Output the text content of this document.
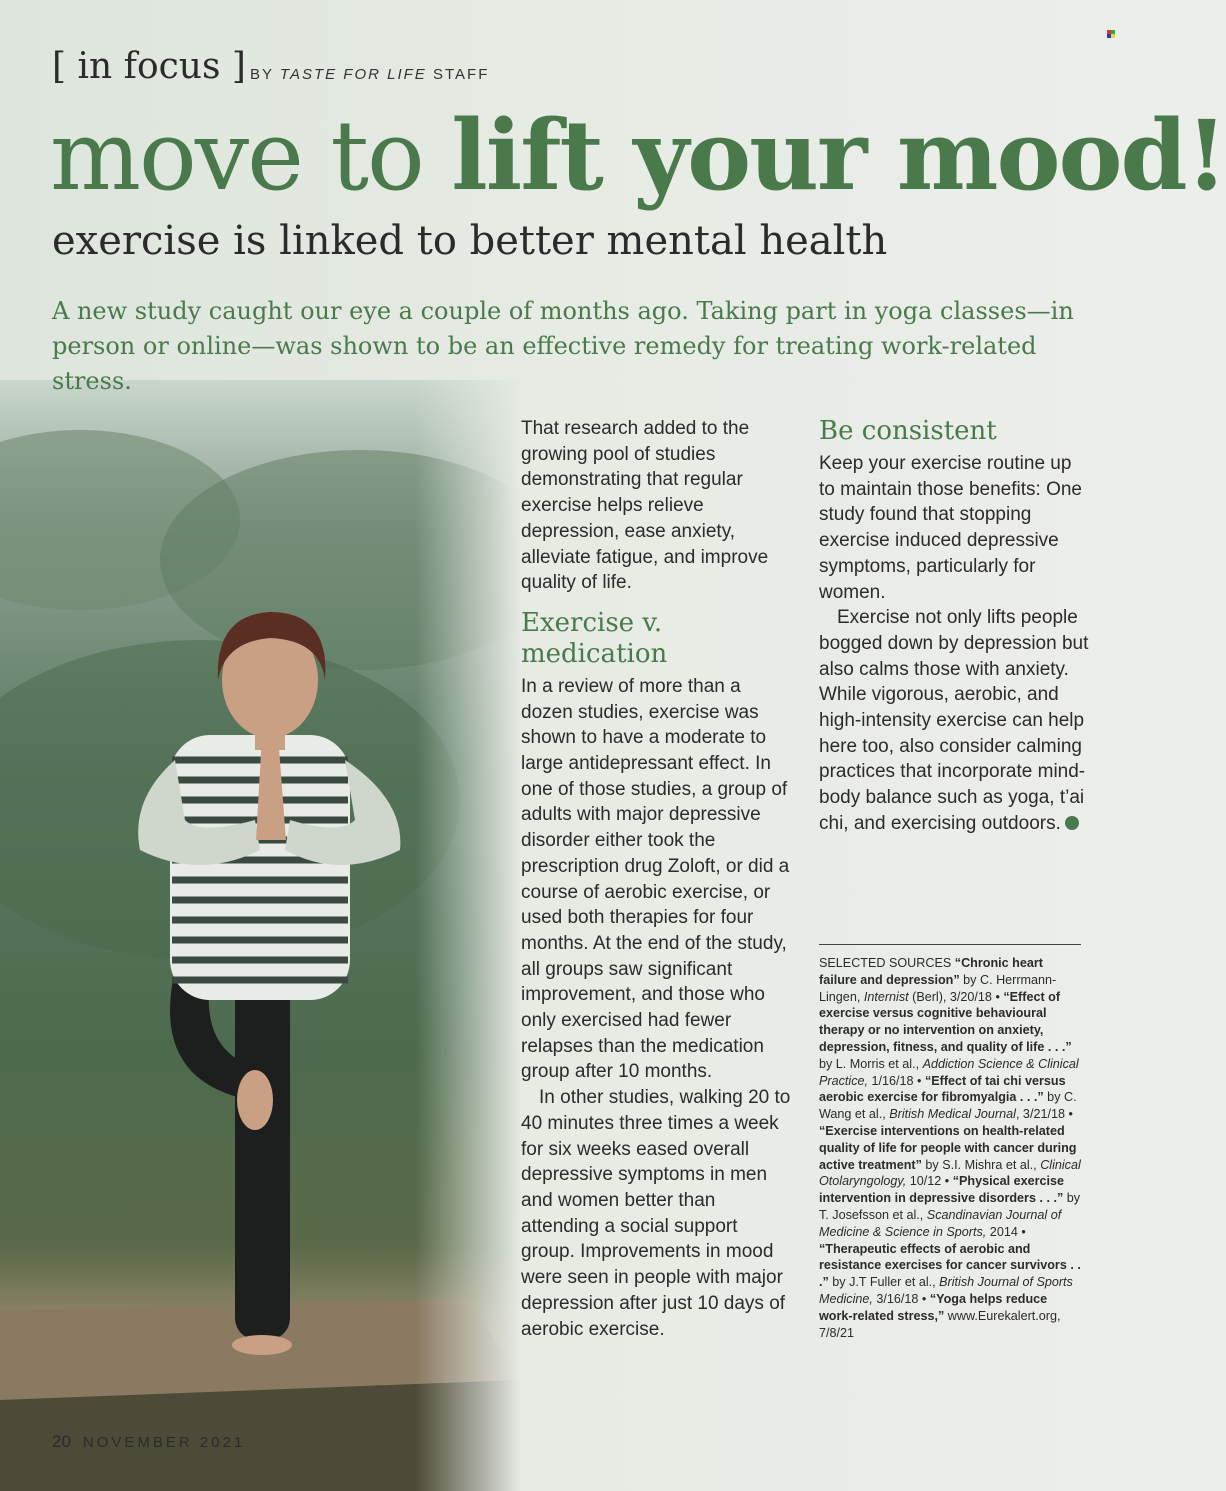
[ in focus ] BY TASTE FOR LIFE STAFF
move to lift your mood!
exercise is linked to better mental health
A new study caught our eye a couple of months ago. Taking part in yoga classes—in person or online—was shown to be an effective remedy for treating work-related stress.

That research added to the growing pool of studies demonstrating that regular exercise helps relieve depression, ease anxiety, alleviate fatigue, and improve quality of life.

Exercise v. medication

In a review of more than a dozen studies, exercise was shown to have a moderate to large antidepressant effect. In one of those studies, a group of adults with major depressive disorder either took the prescription drug Zoloft, or did a course of aerobic exercise, or used both therapies for four months. At the end of the study, all groups saw significant improvement, and those who only exercised had fewer relapses than the medication group after 10 months.

In other studies, walking 20 to 40 minutes three times a week for six weeks eased overall depressive symptoms in men and women better than attending a social support group. Improvements in mood were seen in people with major depression after just 10 days of aerobic exercise.

Be consistent

Keep your exercise routine up to maintain those benefits: One study found that stopping exercise induced depressive symptoms, particularly for women.

Exercise not only lifts people bogged down by depression but also calms those with anxiety. While vigorous, aerobic, and high-intensity exercise can help here too, also consider calming practices that incorporate mind-body balance such as yoga, t’ai chi, and exercising outdoors.

SELECTED SOURCES “Chronic heart failure and depression” by C. Herrmann-Lingen, Internist (Berl), 3/20/18 • “Effect of exercise versus cognitive behavioural therapy or no intervention on anxiety, depression, fitness, and quality of life . . .” by L. Morris et al., Addiction Science & Clinical Practice, 1/16/18 • “Effect of tai chi versus aerobic exercise for fibromyalgia . . .” by C. Wang et al., British Medical Journal, 3/21/18 • “Exercise interventions on health-related quality of life for people with cancer during active treatment” by S.I. Mishra et al., Clinical Otolaryngology, 10/12 • “Physical exercise intervention in depressive disorders . . .” by T. Josefsson et al., Scandinavian Journal of Medicine & Science in Sports, 2014 • “Therapeutic effects of aerobic and resistance exercises for cancer survivors . . .” by J.T Fuller et al., British Journal of Sports Medicine, 3/16/18 • “Yoga helps reduce work-related stress,” www.Eurekalert.org, 7/8/21
20 NOVEMBER 2021
